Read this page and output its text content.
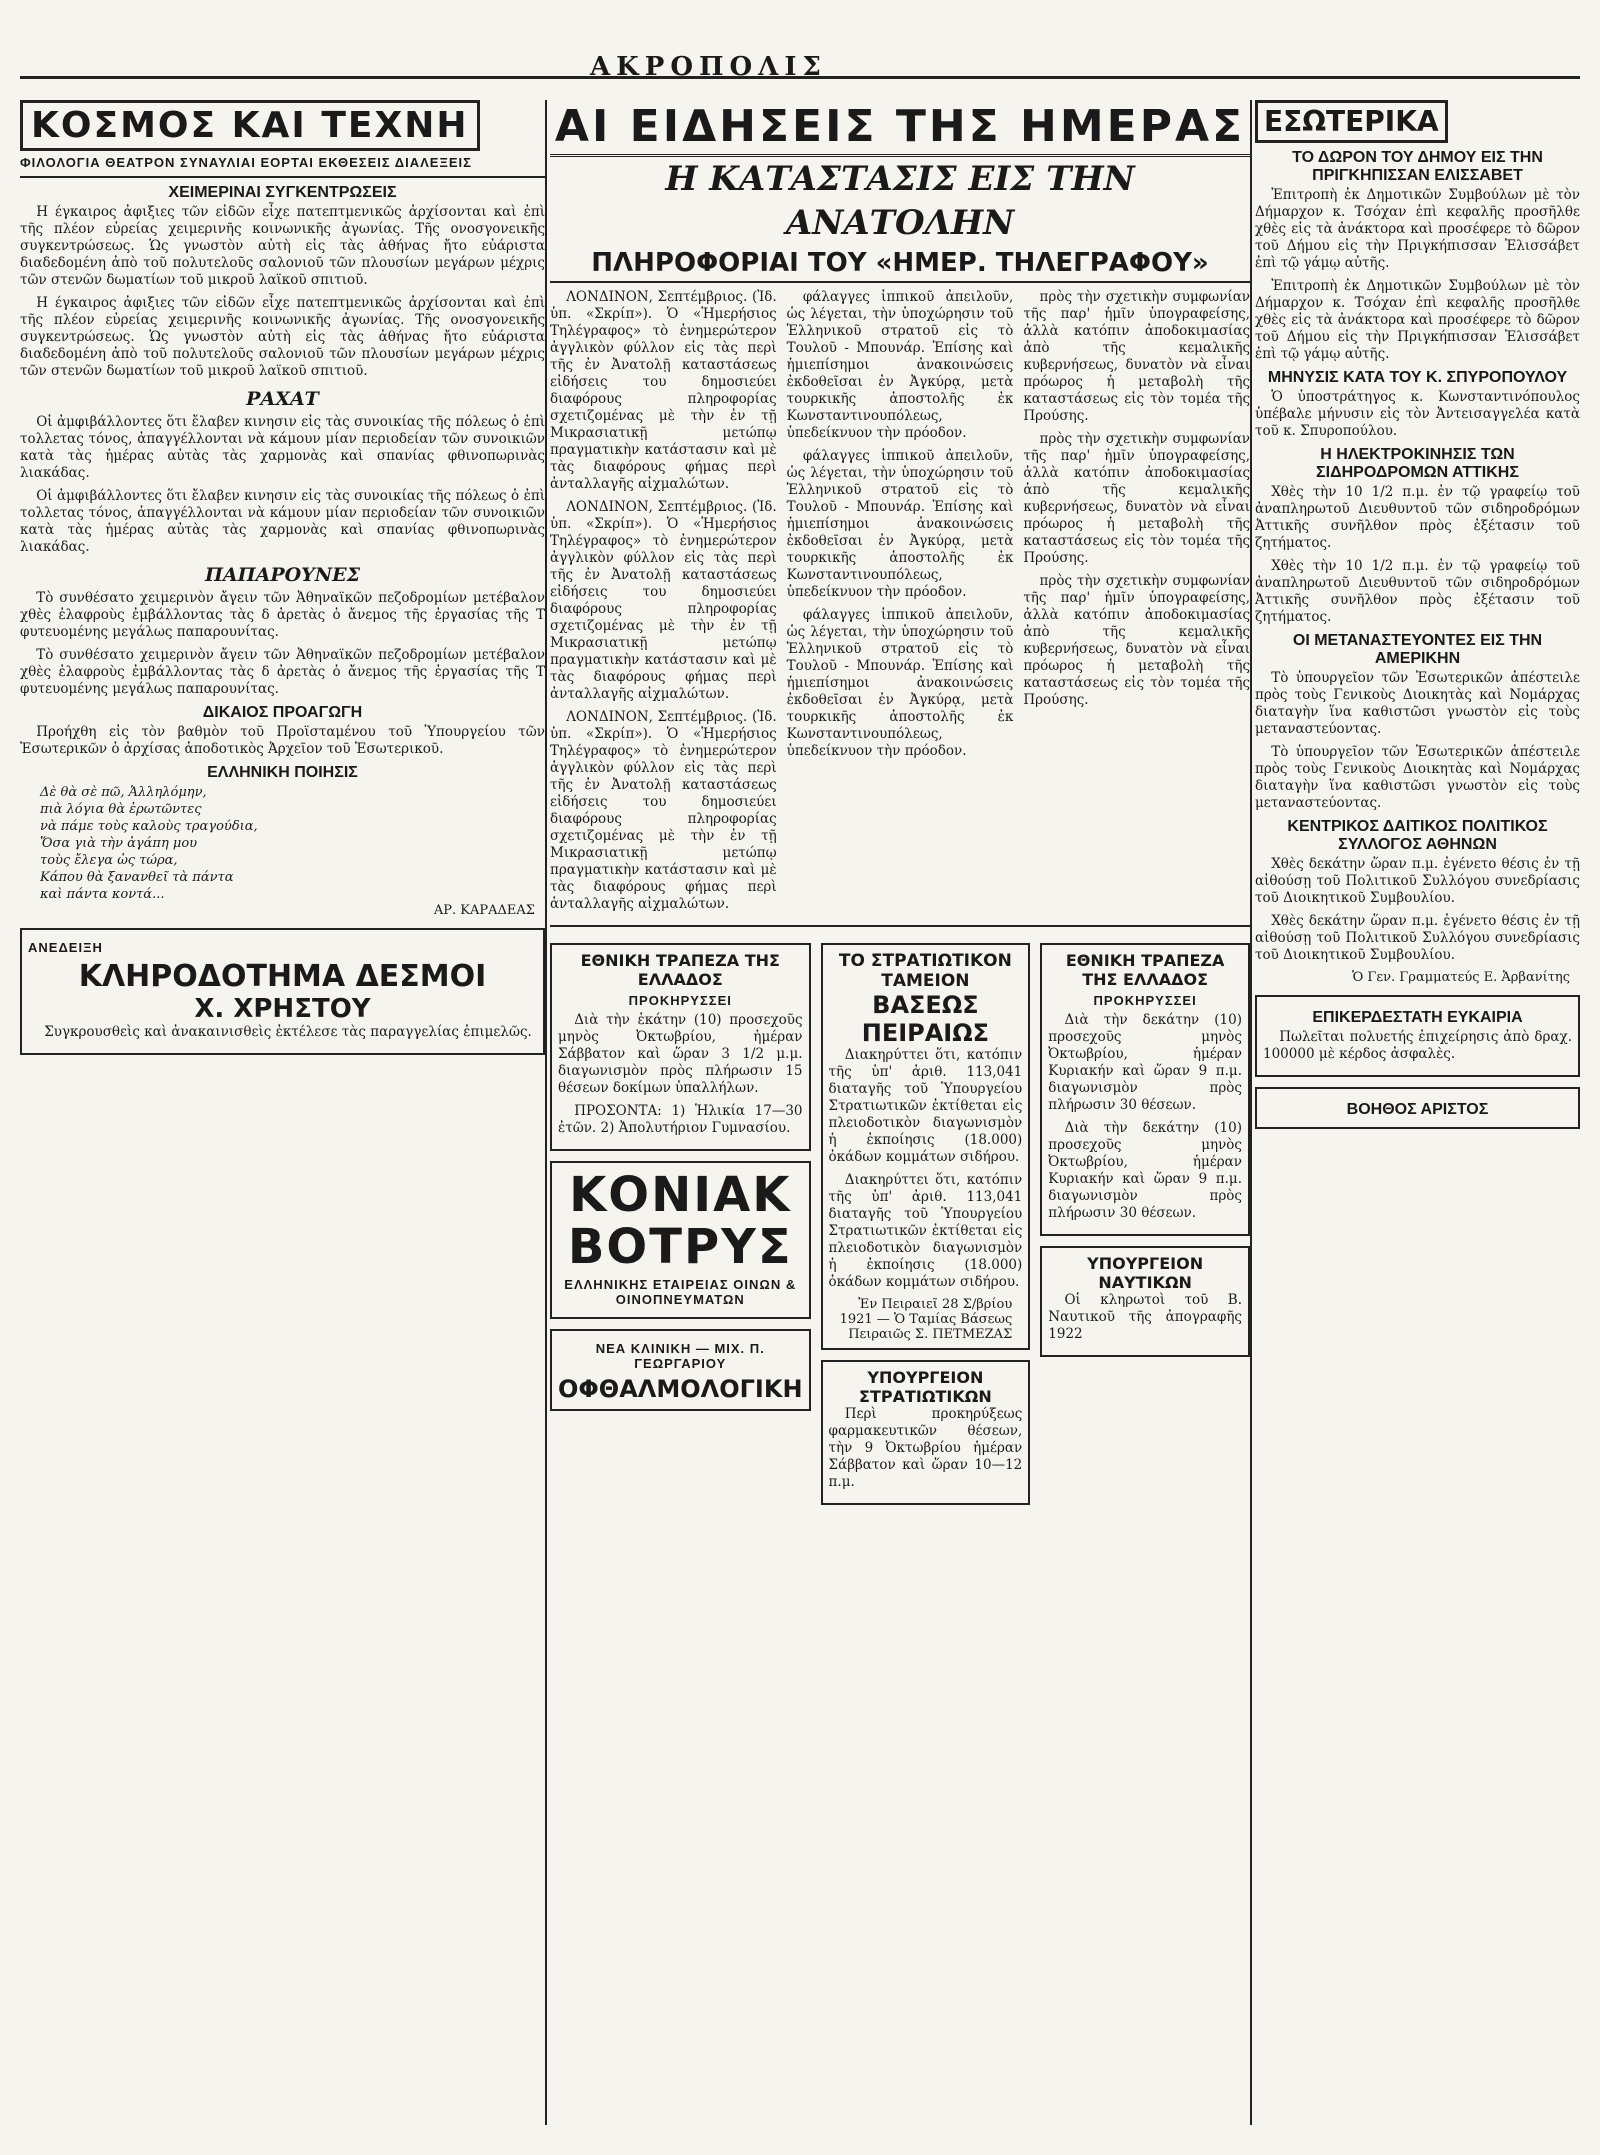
ΑΚΡΟΠΟΛΙΣ
ΚΟΣΜΟΣ ΚΑΙ ΤΕΧΝΗ
ΦΙΛΟΛΟΓΙΑ ΘΕΑΤΡΟΝ ΣΥΝΑΥΛΙΑΙ ΕΟΡΤΑΙ ΕΚΘΕΣΕΙΣ ΔΙΑΛΕΞΕΙΣ
ΧΕΙΜΕΡΙΝΑΙ ΣΥΓΚΕΝΤΡΩΣΕΙΣ

Η έγκαιρος ἀφιξιες τῶν εἰδῶν εἶχε πατεπτμενικῶς ἀρχίσονται καὶ ἐπὶ τῆς πλέον εὐρείας χειμερινῆς κοινωνικῆς ἀγωνίας. Τῆς ονοσγονεικῆς συγκεντρώσεως. Ὡς γνωστὸν αὐτὴ εἰς τὰς ἀθήνας ἤτο εὐάριστα διαδεδομένη ἀπὸ τοῦ πολυτελοῦς σαλονιοῦ τῶν πλουσίων μεγάρων μέχρις τῶν στενῶν δωματίων τοῦ μικροῦ λαϊκοῦ σπιτιοῦ.

Η έγκαιρος ἀφιξιες τῶν εἰδῶν εἶχε πατεπτμενικῶς ἀρχίσονται καὶ ἐπὶ τῆς πλέον εὐρείας χειμερινῆς κοινωνικῆς ἀγωνίας. Τῆς ονοσγονεικῆς συγκεντρώσεως. Ὡς γνωστὸν αὐτὴ εἰς τὰς ἀθήνας ἤτο εὐάριστα διαδεδομένη ἀπὸ τοῦ πολυτελοῦς σαλονιοῦ τῶν πλουσίων μεγάρων μέχρις τῶν στενῶν δωματίων τοῦ μικροῦ λαϊκοῦ σπιτιοῦ.

ΡΑΧΑΤ

Οἱ ἀμφιβάλλοντες ὅτι ἔλαβεν κινησιν εἰς τὰς συνοικίας τῆς πόλεως ὁ ἐπὶ τολλετας τόνος, ἀπαγγέλλονται νὰ κάμουν μίαν περιοδείαν τῶν συνοικιῶν κατὰ τὰς ἡμέρας αὐτὰς τὰς χαρμονὰς καὶ σπανίας φθινοπωρινὰς λιακάδας.

Οἱ ἀμφιβάλλοντες ὅτι ἔλαβεν κινησιν εἰς τὰς συνοικίας τῆς πόλεως ὁ ἐπὶ τολλετας τόνος, ἀπαγγέλλονται νὰ κάμουν μίαν περιοδείαν τῶν συνοικιῶν κατὰ τὰς ἡμέρας αὐτὰς τὰς χαρμονὰς καὶ σπανίας φθινοπωρινὰς λιακάδας.

ΠΑΠΑΡΟΥΝΕΣ

Τὸ συνθέσατο χειμερινὸν ἄγειν τῶν Ἀθηναϊκῶν πεζοδρομίων μετέβαλον χθὲς ἐλαφροὺς ἐμβάλλοντας τὰς δ ἀρετὰς ὁ ἄνεμος τῆς ἐργασίας τῆς Τ φυτευομένης μεγάλως παπαρουνίτας.

Τὸ συνθέσατο χειμερινὸν ἄγειν τῶν Ἀθηναϊκῶν πεζοδρομίων μετέβαλον χθὲς ἐλαφροὺς ἐμβάλλοντας τὰς δ ἀρετὰς ὁ ἄνεμος τῆς ἐργασίας τῆς Τ φυτευομένης μεγάλως παπαρουνίτας.

ΔΙΚΑΙΟΣ ΠΡΟΑΓΩΓΗ

Προήχθη εἰς τὸν βαθμὸν τοῦ Προϊσταμένου τοῦ Ὑπουργείου τῶν Ἐσωτερικῶν ὁ ἀρχίσας ἀποδοτικὸς Ἀρχεῖον τοῦ Ἐσωτερικοῦ.

ΕΛΛΗΝΙΚΗ ΠΟΙΗΣΙΣ
Δὲ θὰ σὲ πῶ, Ἀλληλόμην,
πιὰ λόγια θὰ ἐρωτῶντες
νὰ πάμε τοὺς καλοὺς τραγούδια,
Ὅσα γιὰ τὴν ἀγάπη μου
τοὺς ἔλεγα ὡς τώρα,
Κάπου θὰ ξανανθεῖ τὰ πάντα
καὶ πάντα κοντά...
ΑΡ. ΚΑΡΑΔΕΑΣ
ΑΝΕΔΕΙΞΗ
ΚΛΗΡΟΔΟΤΗΜΑ ΔΕΣΜΟΙ
Χ. ΧΡΗΣΤΟΥ

Συγκρουσθεὶς καὶ ἀνακαινισθεὶς ἐκτέλεσε τὰς παραγγελίας ἐπιμελῶς.

ΑΙ ΕΙΔΗΣΕΙΣ ΤΗΣ ΗΜΕΡΑΣ
Η ΚΑΤΑΣΤΑΣΙΣ ΕΙΣ ΤΗΝ ΑΝΑΤΟΛΗΝ
ΠΛΗΡΟΦΟΡΙΑΙ ΤΟΥ «ΗΜΕΡ. ΤΗΛΕΓΡΑΦΟΥ»

ΛΟΝΔΙΝΟΝ, Σεπτέμβριος. (Ἰδ. ὑπ. «Σκρίπ»). Ὁ «Ἡμερήσιος Τηλέγραφος» τὸ ἐνημερώτερον ἀγγλικὸν φύλλον εἰς τὰς περὶ τῆς ἐν Ἀνατολῇ καταστάσεως εἰδήσεις του δημοσιεύει διαφόρους πληροφορίας σχετιζομένας μὲ τὴν ἐν τῇ Μικρασιατικῇ μετώπῳ πραγματικὴν κατάστασιν καὶ μὲ τὰς διαφόρους φήμας περὶ ἀνταλλαγῆς αἰχμαλώτων.

ΛΟΝΔΙΝΟΝ, Σεπτέμβριος. (Ἰδ. ὑπ. «Σκρίπ»). Ὁ «Ἡμερήσιος Τηλέγραφος» τὸ ἐνημερώτερον ἀγγλικὸν φύλλον εἰς τὰς περὶ τῆς ἐν Ἀνατολῇ καταστάσεως εἰδήσεις του δημοσιεύει διαφόρους πληροφορίας σχετιζομένας μὲ τὴν ἐν τῇ Μικρασιατικῇ μετώπῳ πραγματικὴν κατάστασιν καὶ μὲ τὰς διαφόρους φήμας περὶ ἀνταλλαγῆς αἰχμαλώτων.

ΛΟΝΔΙΝΟΝ, Σεπτέμβριος. (Ἰδ. ὑπ. «Σκρίπ»). Ὁ «Ἡμερήσιος Τηλέγραφος» τὸ ἐνημερώτερον ἀγγλικὸν φύλλον εἰς τὰς περὶ τῆς ἐν Ἀνατολῇ καταστάσεως εἰδήσεις του δημοσιεύει διαφόρους πληροφορίας σχετιζομένας μὲ τὴν ἐν τῇ Μικρασιατικῇ μετώπῳ πραγματικὴν κατάστασιν καὶ μὲ τὰς διαφόρους φήμας περὶ ἀνταλλαγῆς αἰχμαλώτων.

φάλαγγες ἱππικοῦ ἀπειλοῦν, ὡς λέγεται, τὴν ὑποχώρησιν τοῦ Ἑλληνικοῦ στρατοῦ εἰς τὸ Τουλοῦ - Μπουνάρ. Ἐπίσης καὶ ἡμιεπίσημοι ἀνακοινώσεις ἐκδοθεῖσαι ἐν Ἀγκύρᾳ, μετὰ τουρκικῆς ἀποστολῆς ἐκ Κωνσταντινουπόλεως, ὑπεδείκνυον τὴν πρόοδον.

φάλαγγες ἱππικοῦ ἀπειλοῦν, ὡς λέγεται, τὴν ὑποχώρησιν τοῦ Ἑλληνικοῦ στρατοῦ εἰς τὸ Τουλοῦ - Μπουνάρ. Ἐπίσης καὶ ἡμιεπίσημοι ἀνακοινώσεις ἐκδοθεῖσαι ἐν Ἀγκύρᾳ, μετὰ τουρκικῆς ἀποστολῆς ἐκ Κωνσταντινουπόλεως, ὑπεδείκνυον τὴν πρόοδον.

φάλαγγες ἱππικοῦ ἀπειλοῦν, ὡς λέγεται, τὴν ὑποχώρησιν τοῦ Ἑλληνικοῦ στρατοῦ εἰς τὸ Τουλοῦ - Μπουνάρ. Ἐπίσης καὶ ἡμιεπίσημοι ἀνακοινώσεις ἐκδοθεῖσαι ἐν Ἀγκύρᾳ, μετὰ τουρκικῆς ἀποστολῆς ἐκ Κωνσταντινουπόλεως, ὑπεδείκνυον τὴν πρόοδον.

πρὸς τὴν σχετικὴν συμφωνίαν τῆς παρ' ἡμῖν ὑπογραφείσης, ἀλλὰ κατόπιν ἀποδοκιμασίας ἀπὸ τῆς κεμαλικῆς κυβερνήσεως, δυνατὸν νὰ εἶναι πρόωρος ἡ μεταβολὴ τῆς καταστάσεως εἰς τὸν τομέα τῆς Προύσης.

πρὸς τὴν σχετικὴν συμφωνίαν τῆς παρ' ἡμῖν ὑπογραφείσης, ἀλλὰ κατόπιν ἀποδοκιμασίας ἀπὸ τῆς κεμαλικῆς κυβερνήσεως, δυνατὸν νὰ εἶναι πρόωρος ἡ μεταβολὴ τῆς καταστάσεως εἰς τὸν τομέα τῆς Προύσης.

πρὸς τὴν σχετικὴν συμφωνίαν τῆς παρ' ἡμῖν ὑπογραφείσης, ἀλλὰ κατόπιν ἀποδοκιμασίας ἀπὸ τῆς κεμαλικῆς κυβερνήσεως, δυνατὸν νὰ εἶναι πρόωρος ἡ μεταβολὴ τῆς καταστάσεως εἰς τὸν τομέα τῆς Προύσης.

ΕΘΝΙΚΗ ΤΡΑΠΕΖΑ ΤΗΣ ΕΛΛΑΔΟΣ
ΠΡΟΚΗΡΥΣΣΕΙ

Διὰ τὴν ἑκάτην (10) προσεχοῦς μηνὸς Ὀκτωβρίου, ἡμέραν Σάββατον καὶ ὥραν 3 1/2 μ.μ. διαγωνισμὸν πρὸς πλήρωσιν 15 θέσεων δοκίμων ὑπαλλήλων.

ΠΡΟΣΟΝΤΑ: 1) Ἡλικία 17—30 ἐτῶν. 2) Ἀπολυτήριον Γυμνασίου.

ΚΟΝΙΑΚ ΒΟΤΡΥΣ
ΕΛΛΗΝΙΚΗΣ ΕΤΑΙΡΕΙΑΣ ΟΙΝΩΝ & ΟΙΝΟΠΝΕΥΜΑΤΩΝ
ΝΕΑ ΚΛΙΝΙΚΗ — ΜΙΧ. Π. ΓΕΩΡΓΑΡΙΟΥ
ΟΦΘΑΛΜΟΛΟΓΙΚΗ
ΤΟ ΣΤΡΑΤΙΩΤΙΚΟΝ ΤΑΜΕΙΟΝ
ΒΑΣΕΩΣ ΠΕΙΡΑΙΩΣ

Διακηρύττει ὅτι, κατόπιν τῆς ὑπ' ἀριθ. 113,041 διαταγῆς τοῦ Ὑπουργείου Στρατιωτικῶν ἐκτίθεται εἰς πλειοδοτικὸν διαγωνισμὸν ἡ ἐκποίησις (18.000) ὀκάδων κομμάτων σιδήρου.

Διακηρύττει ὅτι, κατόπιν τῆς ὑπ' ἀριθ. 113,041 διαταγῆς τοῦ Ὑπουργείου Στρατιωτικῶν ἐκτίθεται εἰς πλειοδοτικὸν διαγωνισμὸν ἡ ἐκποίησις (18.000) ὀκάδων κομμάτων σιδήρου.

Ἐν Πειραιεῖ 28 Σ/βρίου 1921 — Ὁ Ταμίας Βάσεως Πειραιῶς Σ. ΠΕΤΜΕΖΑΣ
ΥΠΟΥΡΓΕΙΟΝ ΣΤΡΑΤΙΩΤΙΚΩΝ

Περὶ προκηρύξεως φαρμακευτικῶν θέσεων, τὴν 9 Ὀκτωβρίου ἡμέραν Σάββατον καὶ ὥραν 10—12 π.μ.

ΕΘΝΙΚΗ ΤΡΑΠΕΖΑ ΤΗΣ ΕΛΛΑΔΟΣ
ΠΡΟΚΗΡΥΣΣΕΙ

Διὰ τὴν δεκάτην (10) προσεχοῦς μηνὸς Ὀκτωβρίου, ἡμέραν Κυριακήν καὶ ὥραν 9 π.μ. διαγωνισμὸν πρὸς πλήρωσιν 30 θέσεων.

Διὰ τὴν δεκάτην (10) προσεχοῦς μηνὸς Ὀκτωβρίου, ἡμέραν Κυριακήν καὶ ὥραν 9 π.μ. διαγωνισμὸν πρὸς πλήρωσιν 30 θέσεων.

ΥΠΟΥΡΓΕΙΟΝ ΝΑΥΤΙΚΩΝ

Οἱ κληρωτοὶ τοῦ Β. Ναυτικοῦ τῆς ἀπογραφῆς 1922

ΕΣΩΤΕΡΙΚΑ
ΤΟ ΔΩΡΟΝ ΤΟΥ ΔΗΜΟΥ ΕΙΣ ΤΗΝ ΠΡΙΓΚΗΠΙΣΣΑΝ ΕΛΙΣΣΑΒΕΤ

Ἐπιτροπὴ ἐκ Δημοτικῶν Συμβούλων μὲ τὸν Δήμαρχον κ. Τσόχαν ἐπὶ κεφαλῆς προσῆλθε χθὲς εἰς τὰ ἀνάκτορα καὶ προσέφερε τὸ δῶρον τοῦ Δήμου εἰς τὴν Πριγκήπισσαν Ἐλισσάβετ ἐπὶ τῷ γάμῳ αὐτῆς.

Ἐπιτροπὴ ἐκ Δημοτικῶν Συμβούλων μὲ τὸν Δήμαρχον κ. Τσόχαν ἐπὶ κεφαλῆς προσῆλθε χθὲς εἰς τὰ ἀνάκτορα καὶ προσέφερε τὸ δῶρον τοῦ Δήμου εἰς τὴν Πριγκήπισσαν Ἐλισσάβετ ἐπὶ τῷ γάμῳ αὐτῆς.

ΜΗΝΥΣΙΣ ΚΑΤΑ ΤΟΥ Κ. ΣΠΥΡΟΠΟΥΛΟΥ

Ὁ ὑποστράτηγος κ. Κωνσταντινόπουλος ὑπέβαλε μήνυσιν εἰς τὸν Ἀντεισαγγελέα κατὰ τοῦ κ. Σπυροπούλου.

Η ΗΛΕΚΤΡΟΚΙΝΗΣΙΣ ΤΩΝ ΣΙΔΗΡΟΔΡΟΜΩΝ ΑΤΤΙΚΗΣ

Χθὲς τὴν 10 1/2 π.μ. ἐν τῷ γραφείῳ τοῦ ἀναπληρωτοῦ Διευθυντοῦ τῶν σιδηροδρόμων Ἀττικῆς συνῆλθον πρὸς ἐξέτασιν τοῦ ζητήματος.

Χθὲς τὴν 10 1/2 π.μ. ἐν τῷ γραφείῳ τοῦ ἀναπληρωτοῦ Διευθυντοῦ τῶν σιδηροδρόμων Ἀττικῆς συνῆλθον πρὸς ἐξέτασιν τοῦ ζητήματος.

ΟΙ ΜΕΤΑΝΑΣΤΕΥΟΝΤΕΣ ΕΙΣ ΤΗΝ ΑΜΕΡΙΚΗΝ

Τὸ ὑπουργεῖον τῶν Ἐσωτερικῶν ἀπέστειλε πρὸς τοὺς Γενικοὺς Διοικητὰς καὶ Νομάρχας διαταγὴν ἵνα καθιστῶσι γνωστὸν εἰς τοὺς μεταναστεύοντας.

Τὸ ὑπουργεῖον τῶν Ἐσωτερικῶν ἀπέστειλε πρὸς τοὺς Γενικοὺς Διοικητὰς καὶ Νομάρχας διαταγὴν ἵνα καθιστῶσι γνωστὸν εἰς τοὺς μεταναστεύοντας.

ΚΕΝΤΡΙΚΟΣ ΔΑΙΤΙΚΟΣ ΠΟΛΙΤΙΚΟΣ ΣΥΛΛΟΓΟΣ ΑΘΗΝΩΝ

Χθὲς δεκάτην ὥραν π.μ. ἐγένετο θέσις ἐν τῇ αἰθούσῃ τοῦ Πολιτικοῦ Συλλόγου συνεδρίασις τοῦ Διοικητικοῦ Συμβουλίου.

Χθὲς δεκάτην ὥραν π.μ. ἐγένετο θέσις ἐν τῇ αἰθούσῃ τοῦ Πολιτικοῦ Συλλόγου συνεδρίασις τοῦ Διοικητικοῦ Συμβουλίου.

Ὁ Γεν. Γραμματεύς Ε. Ἀρβανίτης
ΕΠΙΚΕΡΔΕΣΤΑΤΗ ΕΥΚΑΙΡΙΑ

Πωλεῖται πολυετής ἐπιχείρησις ἀπὸ δραχ. 100000 μὲ κέρδος ἀσφαλὲς.

ΒΟΗΘΟΣ ΑΡΙΣΤΟΣ
